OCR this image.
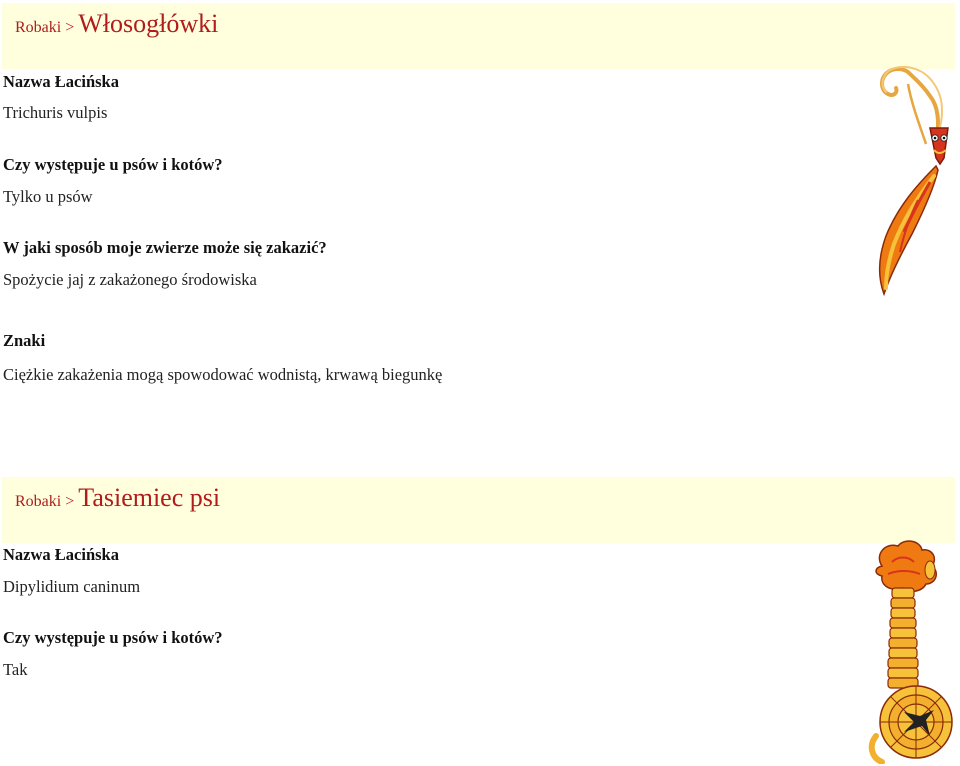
Robaki > Włosogłówki
Nazwa Łacińska
Trichuris vulpis
Czy występuje u psów i kotów?
Tylko u psów
W jaki sposób moje zwierze może się zakazić?
Spożycie jaj z zakażonego środowiska
Znaki
Ciężkie zakażenia mogą spowodować wodnistą, krwawą biegunkę
Robaki > Tasiemiec psi
Nazwa Łacińska
Dipylidium caninum
Czy występuje u psów i kotów?
Tak
